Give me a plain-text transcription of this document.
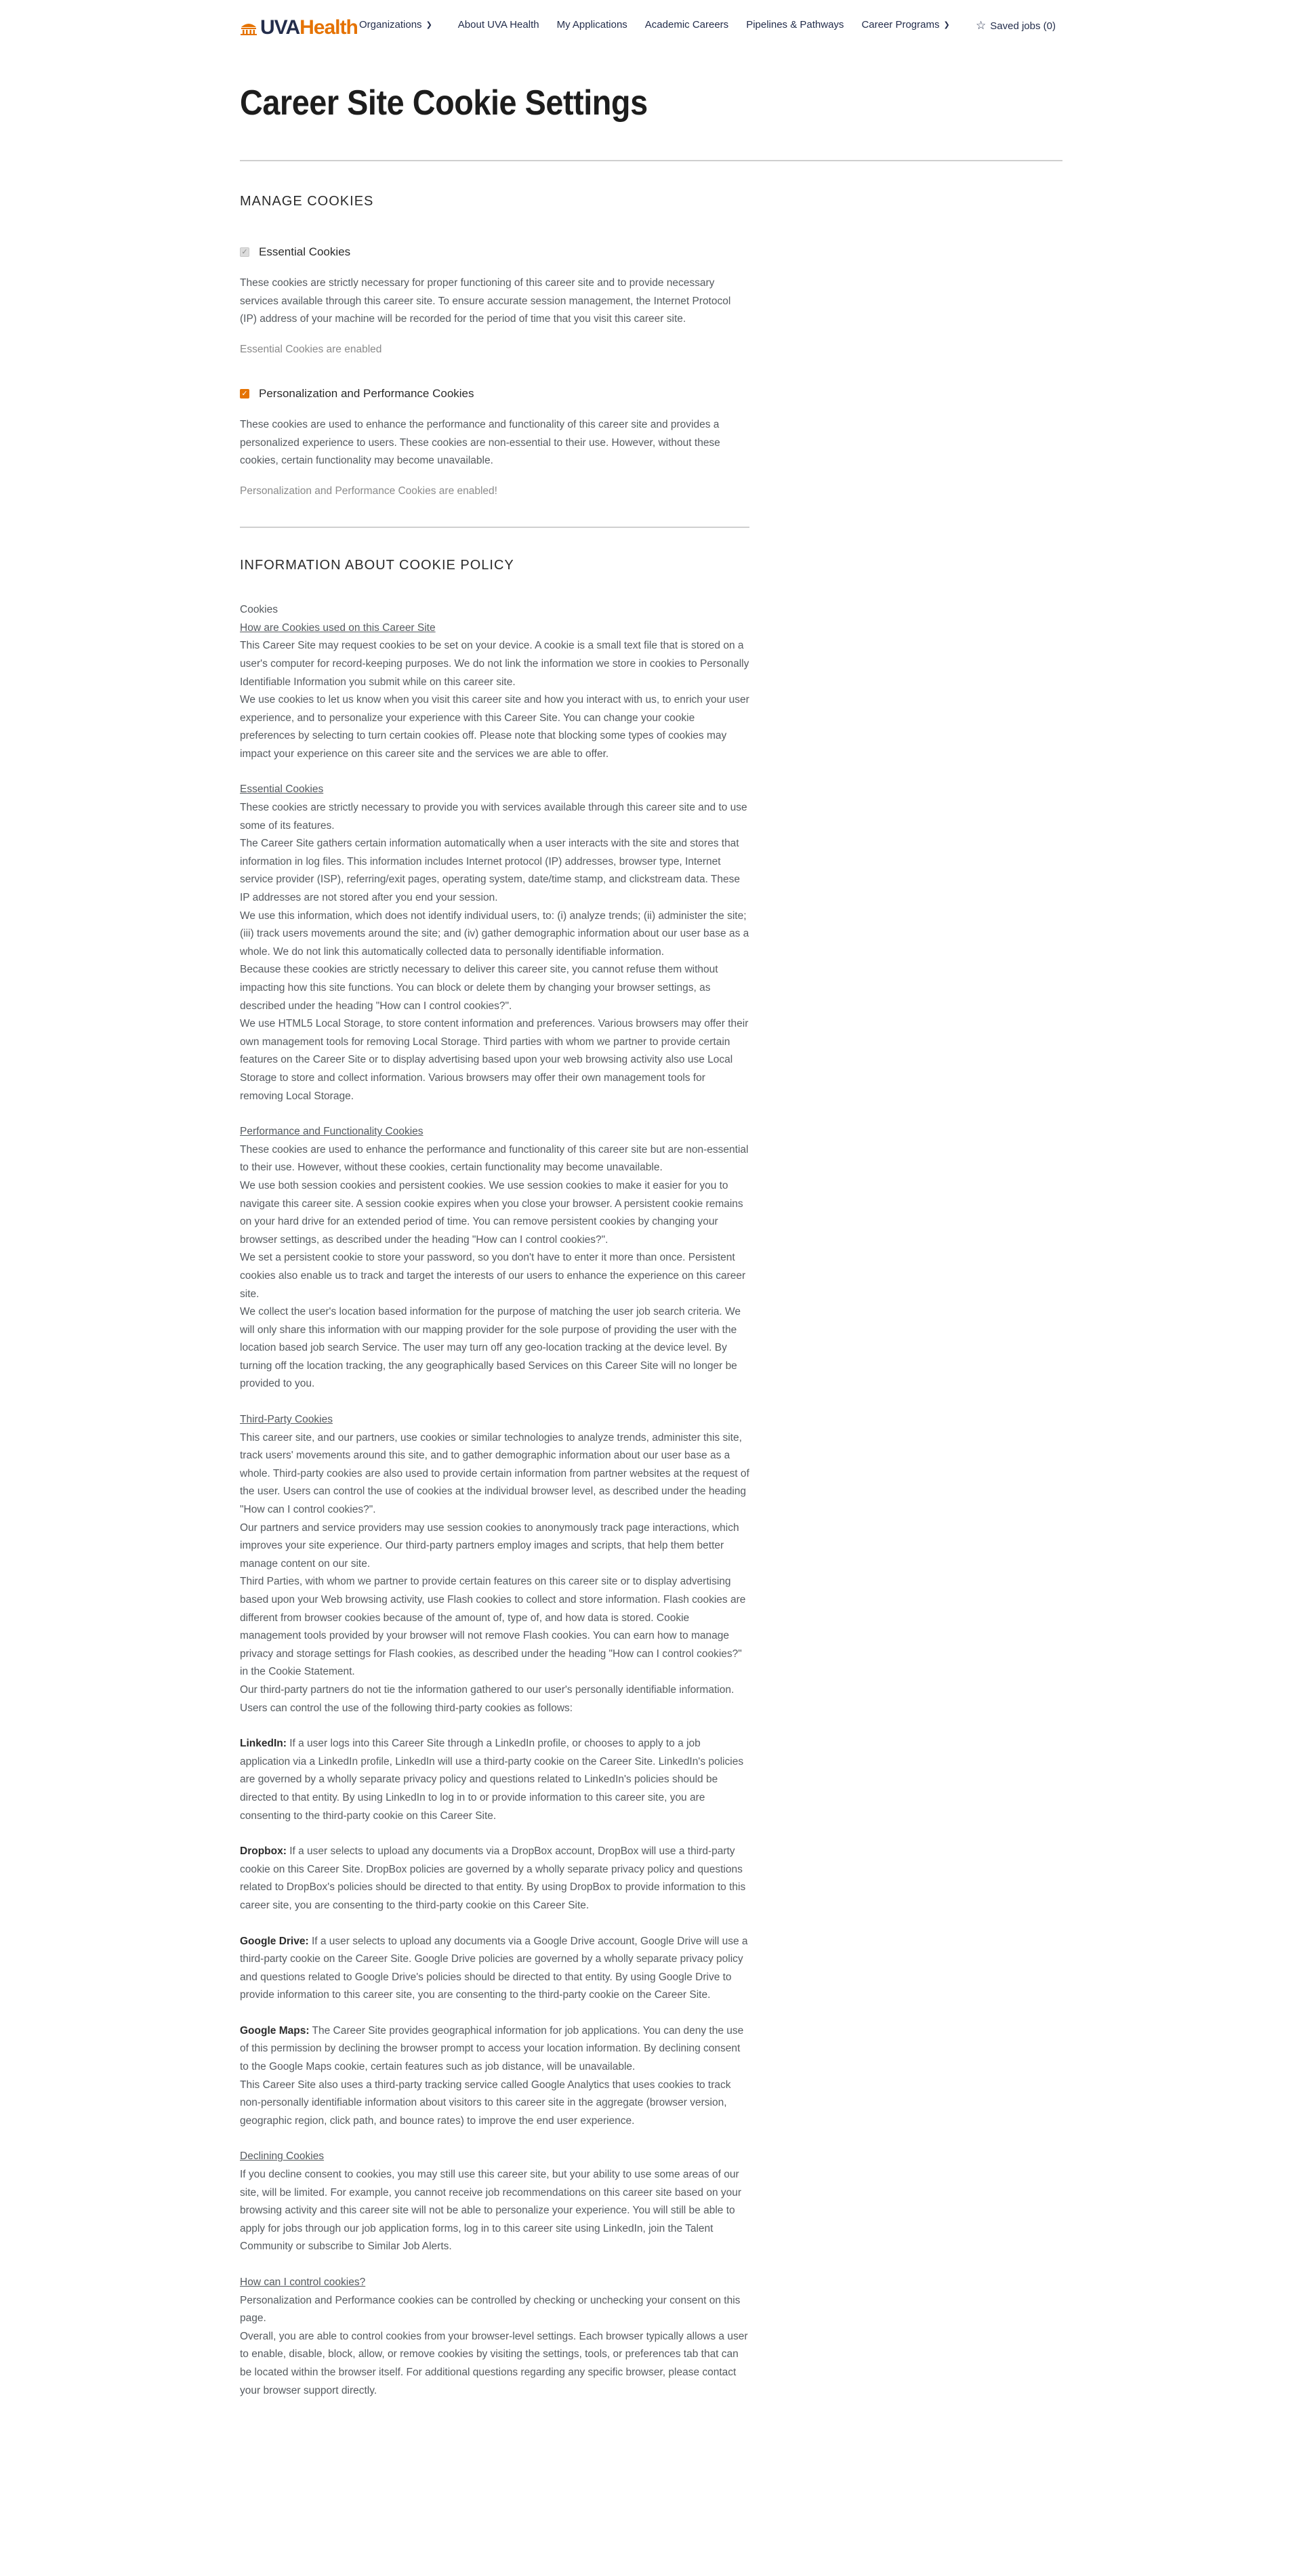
UVAHealth Organizations ❯	About UVA Health My Applications Academic Careers Pipelines & Pathways Career Programs ❯ ☆ Saved jobs (0)
Career Site Cookie Settings
MANAGE COOKIES
✓ Essential Cookies

These cookies are strictly necessary for proper functioning of this career site and to provide necessary services available through this career site. To ensure accurate session management, the Internet Protocol (IP) address of your machine will be recorded for the period of time that you visit this career site.

Essential Cookies are enabled

✓ Personalization and Performance Cookies

These cookies are used to enhance the performance and functionality of this career site and provides a personalized experience to users. These cookies are non-essential to their use. However, without these cookies, certain functionality may become unavailable.

Personalization and Performance Cookies are enabled!

INFORMATION ABOUT COOKIE POLICY

Cookies

How are Cookies used on this Career Site

This Career Site may request cookies to be set on your device. A cookie is a small text file that is stored on a user's computer for record-keeping purposes. We do not link the information we store in cookies to Personally Identifiable Information you submit while on this career site.

We use cookies to let us know when you visit this career site and how you interact with us, to enrich your user experience, and to personalize your experience with this Career Site. You can change your cookie preferences by selecting to turn certain cookies off. Please note that blocking some types of cookies may impact your experience on this career site and the services we are able to offer.

Essential Cookies

These cookies are strictly necessary to provide you with services available through this career site and to use some of its features.

The Career Site gathers certain information automatically when a user interacts with the site and stores that information in log files. This information includes Internet protocol (IP) addresses, browser type, Internet service provider (ISP), referring/exit pages, operating system, date/time stamp, and clickstream data. These IP addresses are not stored after you end your session.

We use this information, which does not identify individual users, to: (i) analyze trends; (ii) administer the site; (iii) track users movements around the site; and (iv) gather demographic information about our user base as a whole. We do not link this automatically collected data to personally identifiable information.

Because these cookies are strictly necessary to deliver this career site, you cannot refuse them without impacting how this site functions. You can block or delete them by changing your browser settings, as described under the heading "How can I control cookies?".

We use HTML5 Local Storage, to store content information and preferences. Various browsers may offer their own management tools for removing Local Storage. Third parties with whom we partner to provide certain features on the Career Site or to display advertising based upon your web browsing activity also use Local Storage to store and collect information. Various browsers may offer their own management tools for removing Local Storage.

Performance and Functionality Cookies

These cookies are used to enhance the performance and functionality of this career site but are non-essential to their use. However, without these cookies, certain functionality may become unavailable.

We use both session cookies and persistent cookies. We use session cookies to make it easier for you to navigate this career site. A session cookie expires when you close your browser. A persistent cookie remains on your hard drive for an extended period of time. You can remove persistent cookies by changing your browser settings, as described under the heading "How can I control cookies?".

We set a persistent cookie to store your password, so you don't have to enter it more than once. Persistent cookies also enable us to track and target the interests of our users to enhance the experience on this career site.

We collect the user's location based information for the purpose of matching the user job search criteria. We will only share this information with our mapping provider for the sole purpose of providing the user with the location based job search Service. The user may turn off any geo-location tracking at the device level. By turning off the location tracking, the any geographically based Services on this Career Site will no longer be provided to you.

Third-Party Cookies

This career site, and our partners, use cookies or similar technologies to analyze trends, administer this site, track users' movements around this site, and to gather demographic information about our user base as a whole. Third-party cookies are also used to provide certain information from partner websites at the request of the user. Users can control the use of cookies at the individual browser level, as described under the heading "How can I control cookies?".

Our partners and service providers may use session cookies to anonymously track page interactions, which improves your site experience. Our third-party partners employ images and scripts, that help them better manage content on our site.

Third Parties, with whom we partner to provide certain features on this career site or to display advertising based upon your Web browsing activity, use Flash cookies to collect and store information. Flash cookies are different from browser cookies because of the amount of, type of, and how data is stored. Cookie management tools provided by your browser will not remove Flash cookies. You can earn how to manage privacy and storage settings for Flash cookies, as described under the heading "How can I control cookies?" in the Cookie Statement.

Our third-party partners do not tie the information gathered to our user's personally identifiable information.

Users can control the use of the following third-party cookies as follows:

LinkedIn: If a user logs into this Career Site through a LinkedIn profile, or chooses to apply to a job application via a LinkedIn profile, LinkedIn will use a third-party cookie on the Career Site. LinkedIn's policies are governed by a wholly separate privacy policy and questions related to LinkedIn's policies should be directed to that entity. By using LinkedIn to log in to or provide information to this career site, you are consenting to the third-party cookie on this Career Site.

Dropbox: If a user selects to upload any documents via a DropBox account, DropBox will use a third-party cookie on this Career Site. DropBox policies are governed by a wholly separate privacy policy and questions related to DropBox's policies should be directed to that entity. By using DropBox to provide information to this career site, you are consenting to the third-party cookie on this Career Site.

Google Drive: If a user selects to upload any documents via a Google Drive account, Google Drive will use a third-party cookie on the Career Site. Google Drive policies are governed by a wholly separate privacy policy and questions related to Google Drive's policies should be directed to that entity. By using Google Drive to provide information to this career site, you are consenting to the third-party cookie on the Career Site.

Google Maps: The Career Site provides geographical information for job applications. You can deny the use of this permission by declining the browser prompt to access your location information. By declining consent to the Google Maps cookie, certain features such as job distance, will be unavailable.

This Career Site also uses a third-party tracking service called Google Analytics that uses cookies to track non-personally identifiable information about visitors to this career site in the aggregate (browser version, geographic region, click path, and bounce rates) to improve the end user experience.

Declining Cookies

If you decline consent to cookies, you may still use this career site, but your ability to use some areas of our site, will be limited. For example, you cannot receive job recommendations on this career site based on your browsing activity and this career site will not be able to personalize your experience. You will still be able to apply for jobs through our job application forms, log in to this career site using LinkedIn, join the Talent Community or subscribe to Similar Job Alerts.

How can I control cookies?

Personalization and Performance cookies can be controlled by checking or unchecking your consent on this page.

Overall, you are able to control cookies from your browser-level settings. Each browser typically allows a user to enable, disable, block, allow, or remove cookies by visiting the settings, tools, or preferences tab that can be located within the browser itself. For additional questions regarding any specific browser, please contact your browser support directly.
